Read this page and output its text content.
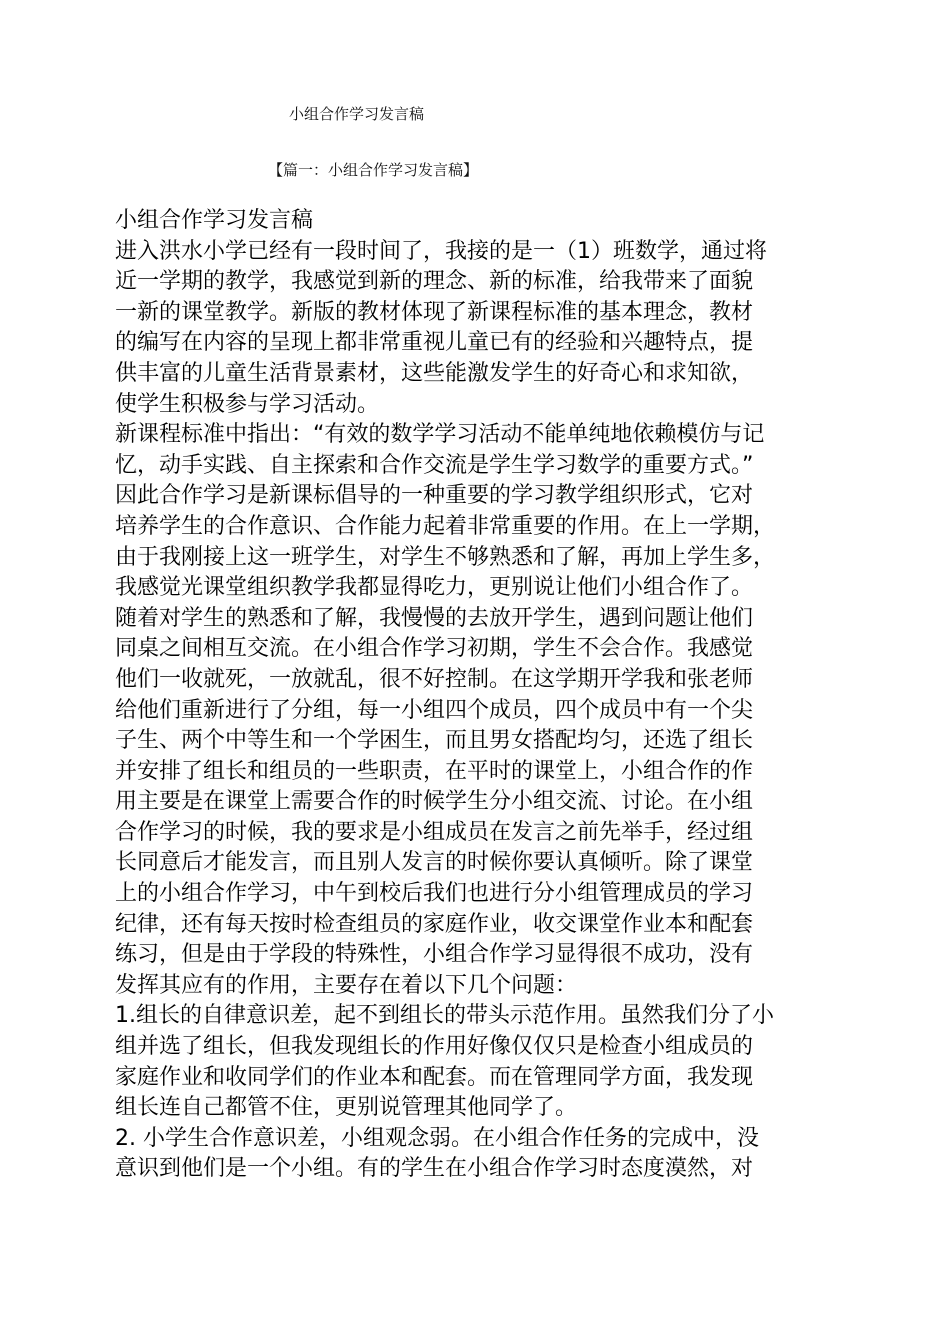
小组合作学习发言稿
【篇一：小组合作学习发言稿】
小组合作学习发言稿
进入洪水小学已经有一段时间了，我接的是一（1）班数学，通过将
近一学期的教学，我感觉到新的理念、新的标准，给我带来了面貌
一新的课堂教学。新版的教材体现了新课程标准的基本理念，教材
的编写在内容的呈现上都非常重视儿童已有的经验和兴趣特点，提
供丰富的儿童生活背景素材，这些能激发学生的好奇心和求知欲，
使学生积极参与学习活动。
新课程标准中指出：“有效的数学学习活动不能单纯地依赖模仿与记
忆，动手实践、自主探索和合作交流是学生学习数学的重要方式。”
因此合作学习是新课标倡导的一种重要的学习教学组织形式，它对
培养学生的合作意识、合作能力起着非常重要的作用。在上一学期，
由于我刚接上这一班学生，对学生不够熟悉和了解，再加上学生多，
我感觉光课堂组织教学我都显得吃力，更别说让他们小组合作了。
随着对学生的熟悉和了解，我慢慢的去放开学生，遇到问题让他们
同桌之间相互交流。在小组合作学习初期，学生不会合作。我感觉
他们一收就死，一放就乱，很不好控制。在这学期开学我和张老师
给他们重新进行了分组，每一小组四个成员，四个成员中有一个尖
子生、两个中等生和一个学困生，而且男女搭配均匀，还选了组长
并安排了组长和组员的一些职责，在平时的课堂上，小组合作的作
用主要是在课堂上需要合作的时候学生分小组交流、讨论。在小组
合作学习的时候，我的要求是小组成员在发言之前先举手，经过组
长同意后才能发言，而且别人发言的时候你要认真倾听。除了课堂
上的小组合作学习，中午到校后我们也进行分小组管理成员的学习
纪律，还有每天按时检查组员的家庭作业，收交课堂作业本和配套
练习，但是由于学段的特殊性，小组合作学习显得很不成功，没有
发挥其应有的作用，主要存在着以下几个问题：
1.组长的自律意识差，起不到组长的带头示范作用。虽然我们分了小
组并选了组长，但我发现组长的作用好像仅仅只是检查小组成员的
家庭作业和收同学们的作业本和配套。而在管理同学方面，我发现
组长连自己都管不住，更别说管理其他同学了。
2. 小学生合作意识差，小组观念弱。在小组合作任务的完成中，没
意识到他们是一个小组。有的学生在小组合作学习时态度漠然，对
